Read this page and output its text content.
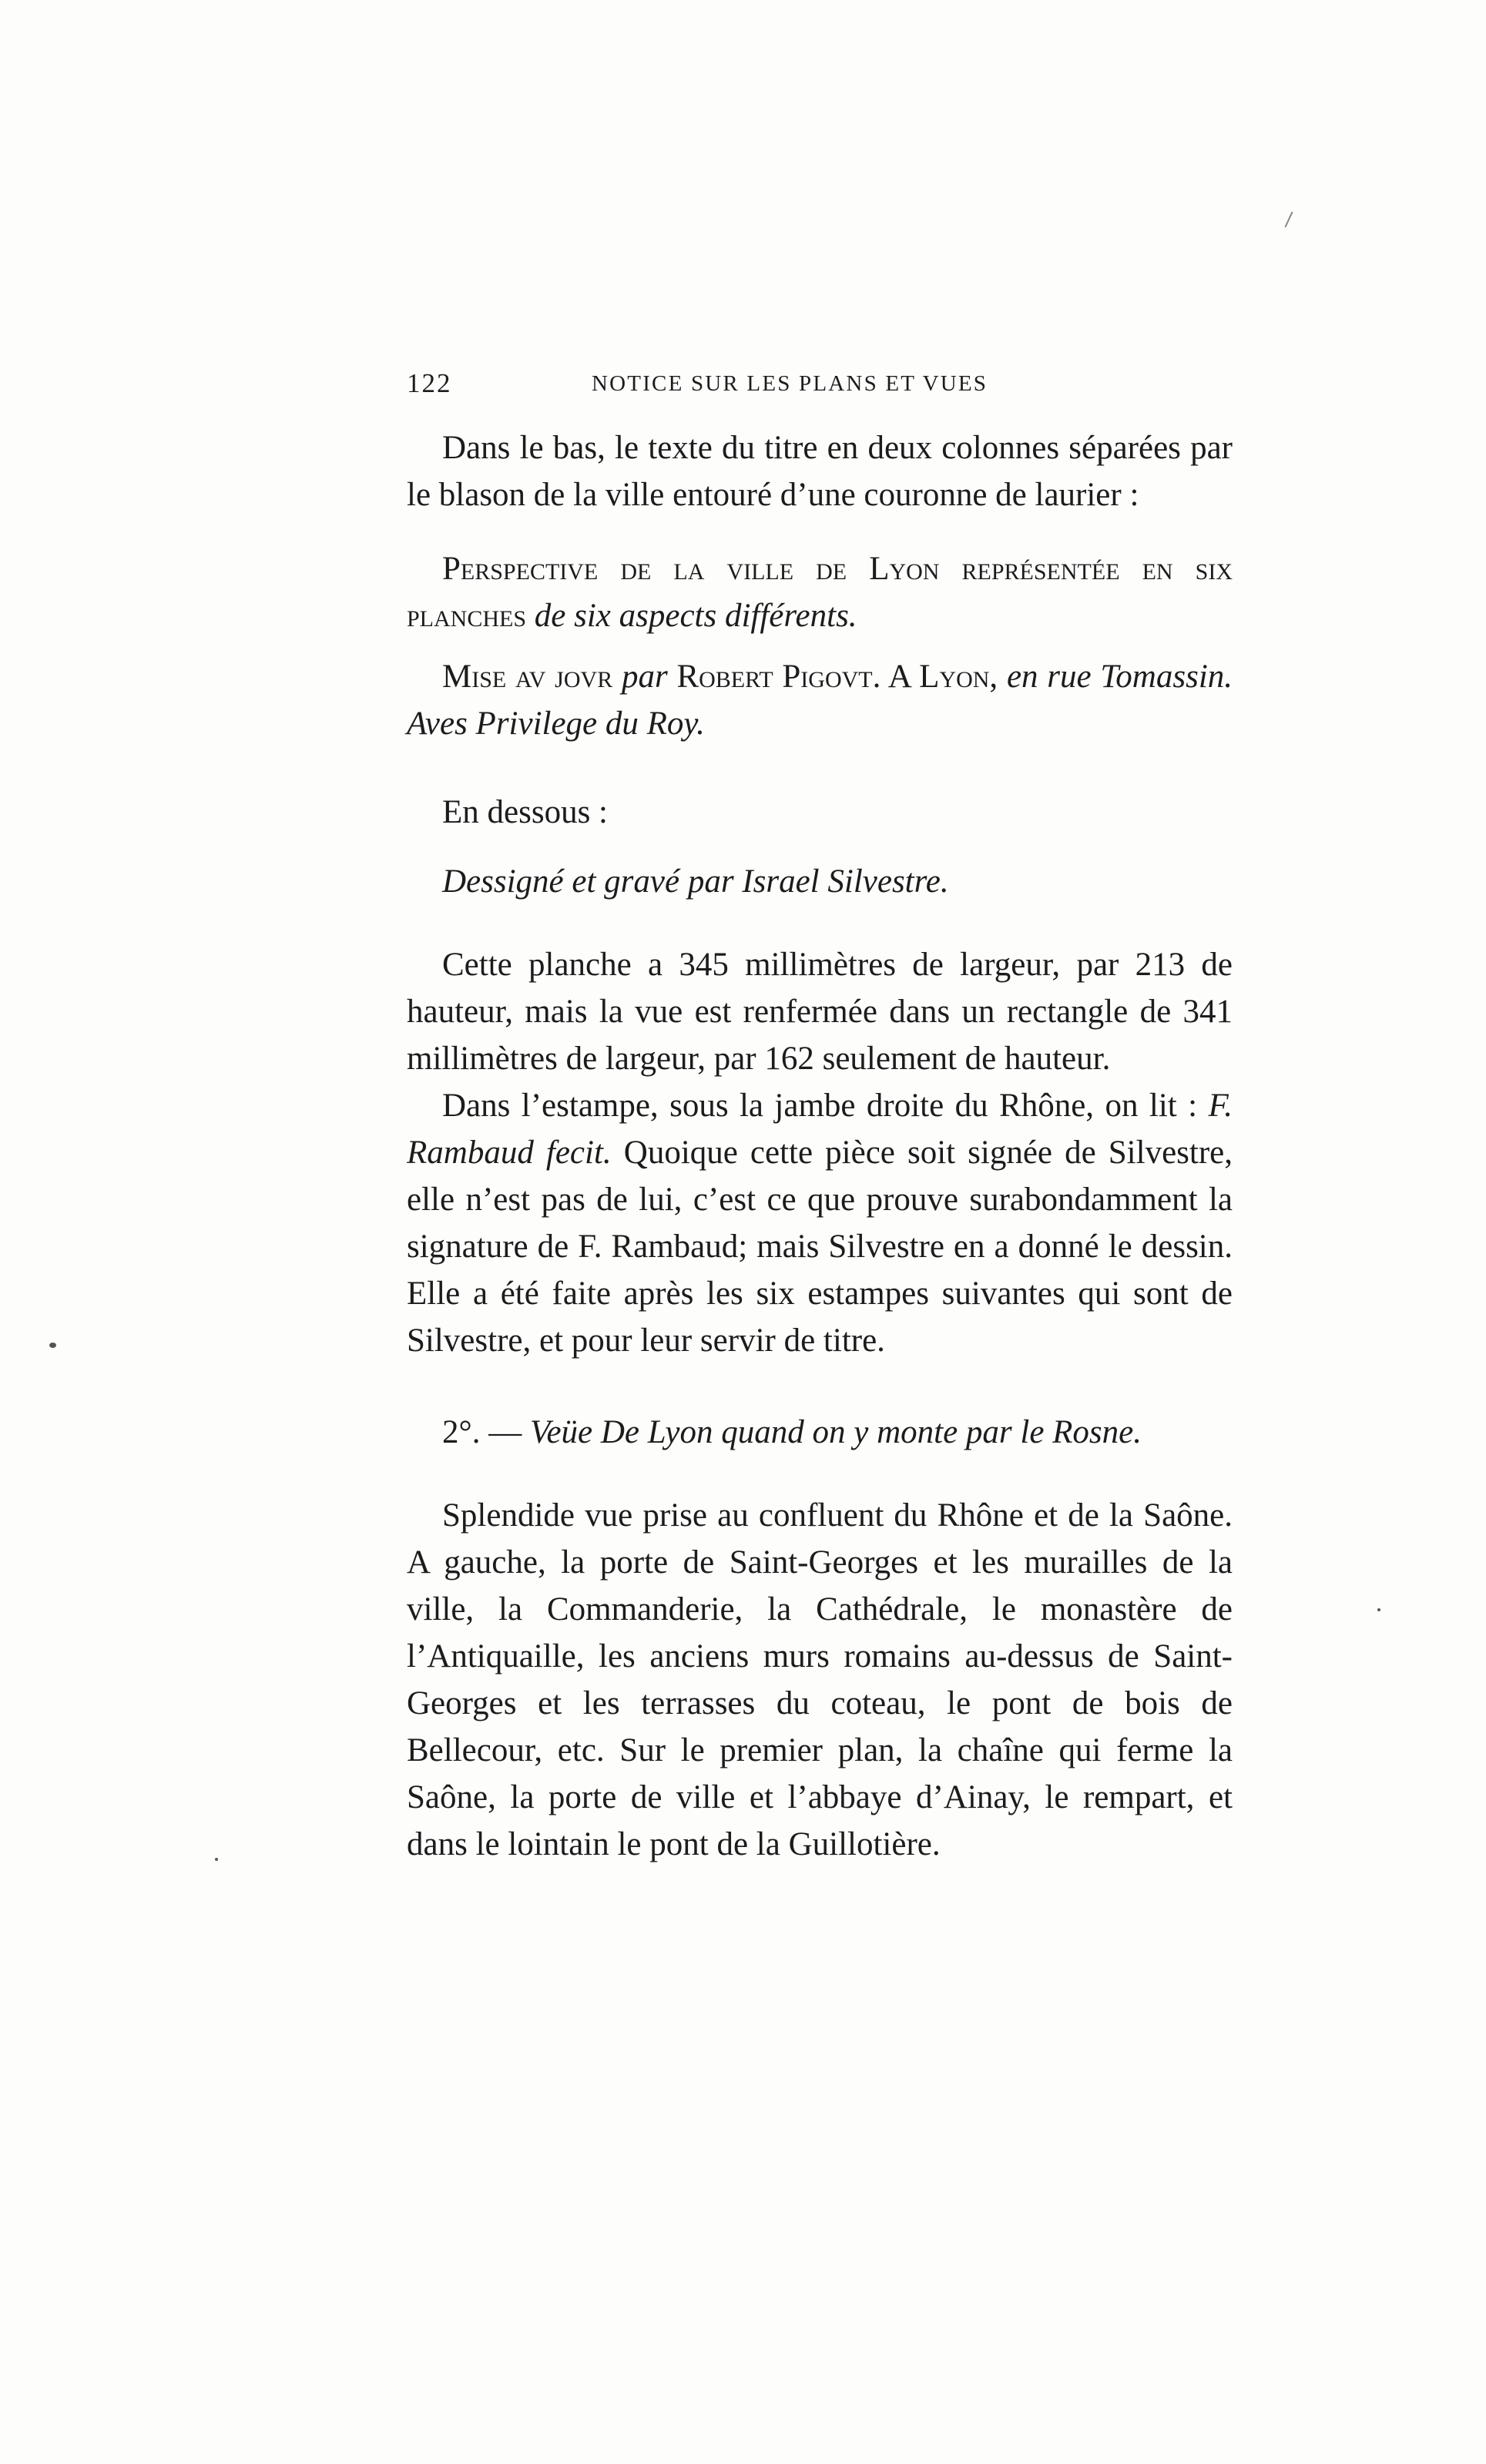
122	NOTICE SUR LES PLANS ET VUES

Dans le bas, le texte du titre en deux colonnes séparées par le blason de la ville entouré d’une couronne de laurier :

Perspective de la ville de Lyon représentée en six planches de six aspects différents.

Mise av jovr par Robert Pigovt. A Lyon, en rue Tomassin. Aves Privilege du Roy.

En dessous :

Dessigné et gravé par Israel Silvestre.

Cette planche a 345 millimètres de largeur, par 213 de hauteur, mais la vue est renfermée dans un rectangle de 341 millimètres de largeur, par 162 seulement de hauteur.

Dans l’estampe, sous la jambe droite du Rhône, on lit : F. Rambaud fecit. Quoique cette pièce soit signée de Silvestre, elle n’est pas de lui, c’est ce que prouve surabondamment la signature de F. Rambaud; mais Silvestre en a donné le dessin. Elle a été faite après les six estampes suivantes qui sont de Silvestre, et pour leur servir de titre.

2°. — Veüe De Lyon quand on y monte par le Rosne.

Splendide vue prise au confluent du Rhône et de la Saône. A gauche, la porte de Saint-Georges et les murailles de la ville, la Commanderie, la Cathédrale, le monastère de l’Antiquaille, les anciens murs romains au-dessus de Saint-Georges et les terrasses du coteau, le pont de bois de Bellecour, etc. Sur le premier plan, la chaîne qui ferme la Saône, la porte de ville et l’abbaye d’Ainay, le rempart, et dans le lointain le pont de la Guillotière.
